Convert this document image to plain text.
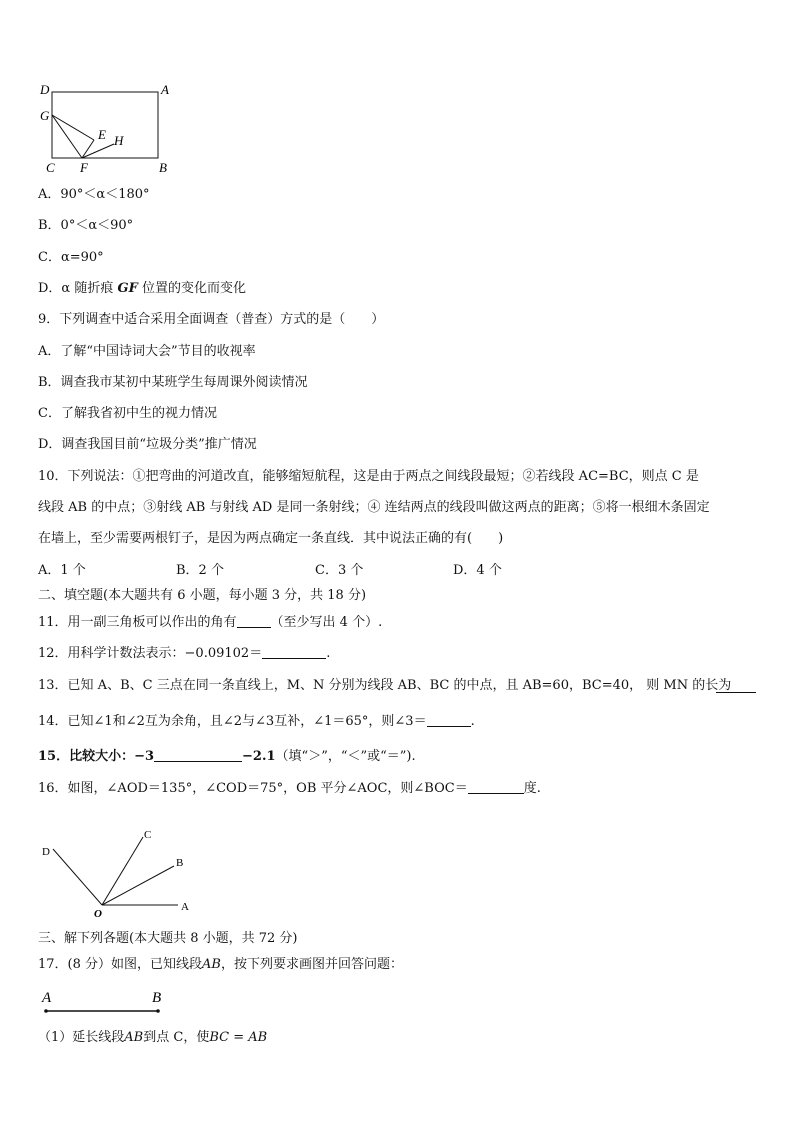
D	A
G
E H
C F	B
A．90°＜α＜180°
B．0°＜α＜90°
C．α=90°
D．α 随折痕 GF 位置的变化而变化
9．下列调查中适合采用全面调查（普查）方式的是（　　）
A．了解“中国诗词大会”节目的收视率
B．调查我市某初中某班学生每周课外阅读情况
C．了解我省初中生的视力情况
D．调查我国目前“垃圾分类”推广情况
10．下列说法：①把弯曲的河道改直，能够缩短航程，这是由于两点之间线段最短；②若线段 AC=BC，则点 C 是
线段 AB 的中点；③射线 AB 与射线 AD 是同一条射线；④ 连结两点的线段叫做这两点的距离；⑤将一根细木条固定
在墙上，至少需要两根钉子，是因为两点确定一条直线．其中说法正确的有(　　)
A．1 个	B．2 个	C．3 个	D．4 个
二、填空题(本大题共有 6 小题，每小题 3 分，共 18 分)
11．用一副三角板可以作出的角有	（至少写出 4 个）.
12．用科学计数法表示：−0.09102＝	.
13．已知 A、B、C 三点在同一条直线上，M、N 分别为线段 AB、BC 的中点，且 AB=60，BC=40， 则 MN 的长为
14．已知∠1和∠2互为余角，且∠2与∠3互补，∠1＝65°，则∠3＝	.
15．比较大小：−3	−2.1（填“＞”，“＜”或“＝”).
16．如图，∠AOD＝135°，∠COD＝75°，OB 平分∠AOC，则∠BOC＝	度.
D
C
B
O
A
三、解下列各题(本大题共 8 小题，共 72 分)
17．(8 分）如图，已知线段AB，按下列要求画图并回答问题：
A	B
（1）延长线段AB到点 C，使BC = AB
